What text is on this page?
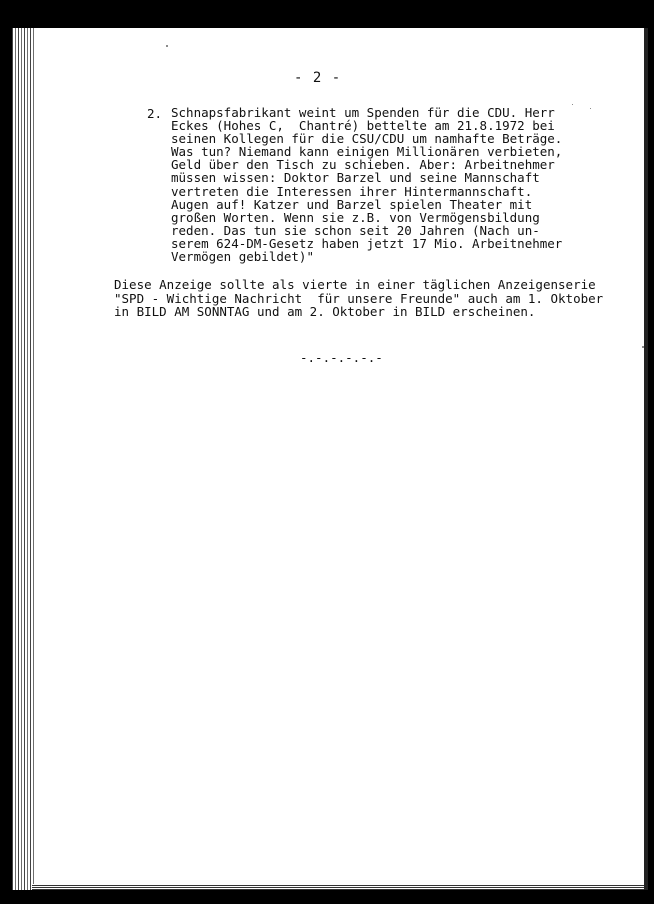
- 2 -
2. Schnapsfabrikant weint um Spenden für die CDU. Herr
Eckes (Hohes C,  Chantré) bettelte am 21.8.1972 bei
seinen Kollegen für die CSU/CDU um namhafte Beträge.
Was tun? Niemand kann einigen Millionären verbieten,
Geld über den Tisch zu schieben. Aber: Arbeitnehmer
müssen wissen: Doktor Barzel und seine Mannschaft
vertreten die Interessen ihrer Hintermannschaft.
Augen auf! Katzer und Barzel spielen Theater mit
großen Worten. Wenn sie z.B. von Vermögensbildung
reden. Das tun sie schon seit 20 Jahren (Nach un-
serem 624-DM-Gesetz haben jetzt 17 Mio. Arbeitnehmer
Vermögen gebildet)"
Diese Anzeige sollte als vierte in einer täglichen Anzeigenserie
"SPD - Wichtige Nachricht  für unsere Freunde" auch am 1. Oktober
in BILD AM SONNTAG und am 2. Oktober in BILD erscheinen.
-.-.-.-.-.-
